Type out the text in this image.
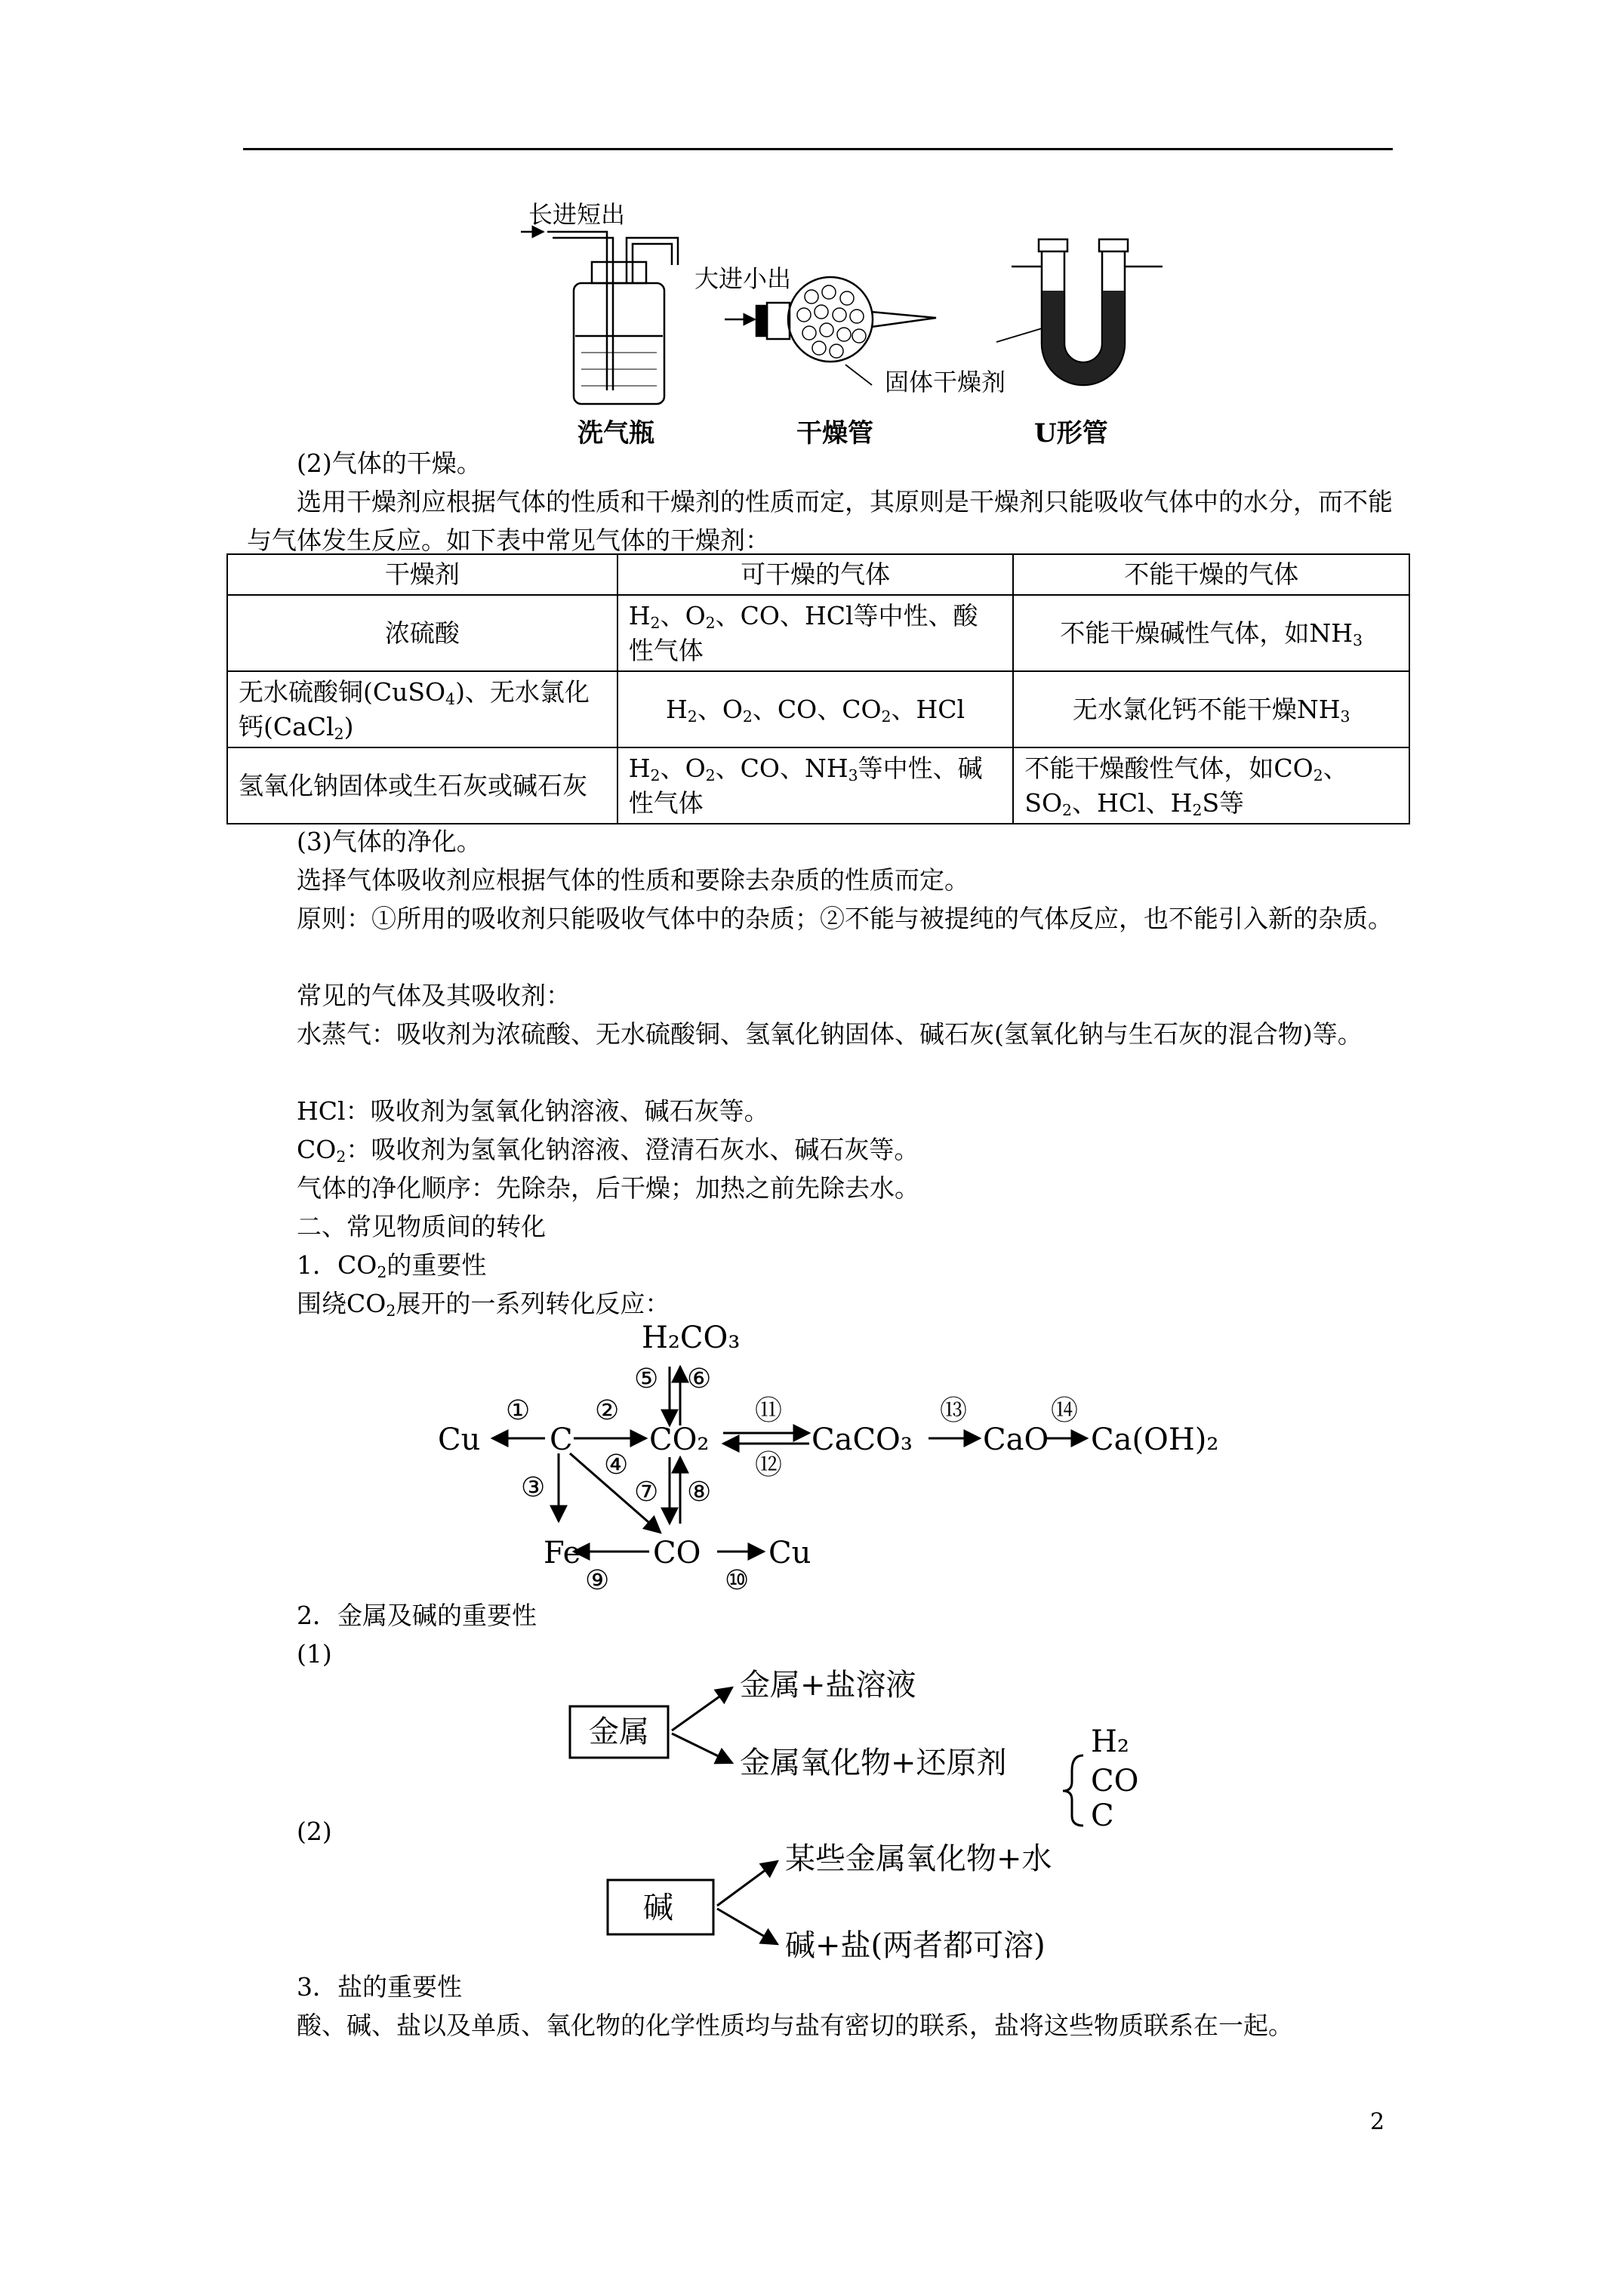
长进短出
大进小出
固体干燥剂
洗气瓶	干燥管	U形管

(2)气体的干燥。

选用干燥剂应根据气体的性质和干燥剂的性质而定，其原则是干燥剂只能吸收气体中的水分，而不能与气体发生反应。如下表中常见气体的干燥剂：

干燥剂	可干燥的气体	不能干燥的气体
浓硫酸	$H_2$、$O_2$、CO、HCl等中性、酸性气体	不能干燥碱性气体，如$NH_3$
无水硫酸铜(CuSO$_4$)、无水氯化钙(CaCl$_2$)	$H_2$、$O_2$、CO、$CO_2$、HCl	无水氯化钙不能干燥$NH_3$
氢氧化钠固体或生石灰或碱石灰	$H_2$、$O_2$、CO、$NH_3$等中性、碱性气体	不能干燥酸性气体，如$CO_2$、$SO_2$、HCl、$H_2S$等

(3)气体的净化。

选择气体吸收剂应根据气体的性质和要除去杂质的性质而定。

原则：①所用的吸收剂只能吸收气体中的杂质；②不能与被提纯的气体反应，也不能引入新的杂质。

常见的气体及其吸收剂：

水蒸气：吸收剂为浓硫酸、无水硫酸铜、氢氧化钠固体、碱石灰(氢氧化钠与生石灰的混合物)等。

HCl：吸收剂为氢氧化钠溶液、碱石灰等。

$CO_2$：吸收剂为氢氧化钠溶液、澄清石灰水、碱石灰等。

气体的净化顺序：先除杂，后干燥；加热之前先除去水。

二、常见物质间的转化

1．$CO_2$的重要性

围绕$CO_2$展开的一系列转化反应：

H₂CO₃
Cu C	CO₂	CaCO₃ CaO Ca(OH)₂
Fe CO Cu
① ②
③
④
⑤ ⑥
⑦ ⑧
⑨	⑩
⑪
⑫
⑬	⑭

2．金属及碱的重要性

(1)

金属
金属+盐溶液
金属氧化物+还原剂
H₂
CO
C

(2)

碱
某些金属氧化物+水
碱+盐(两者都可溶)

3．盐的重要性

酸、碱、盐以及单质、氧化物的化学性质均与盐有密切的联系，盐将这些物质联系在一起。

2
